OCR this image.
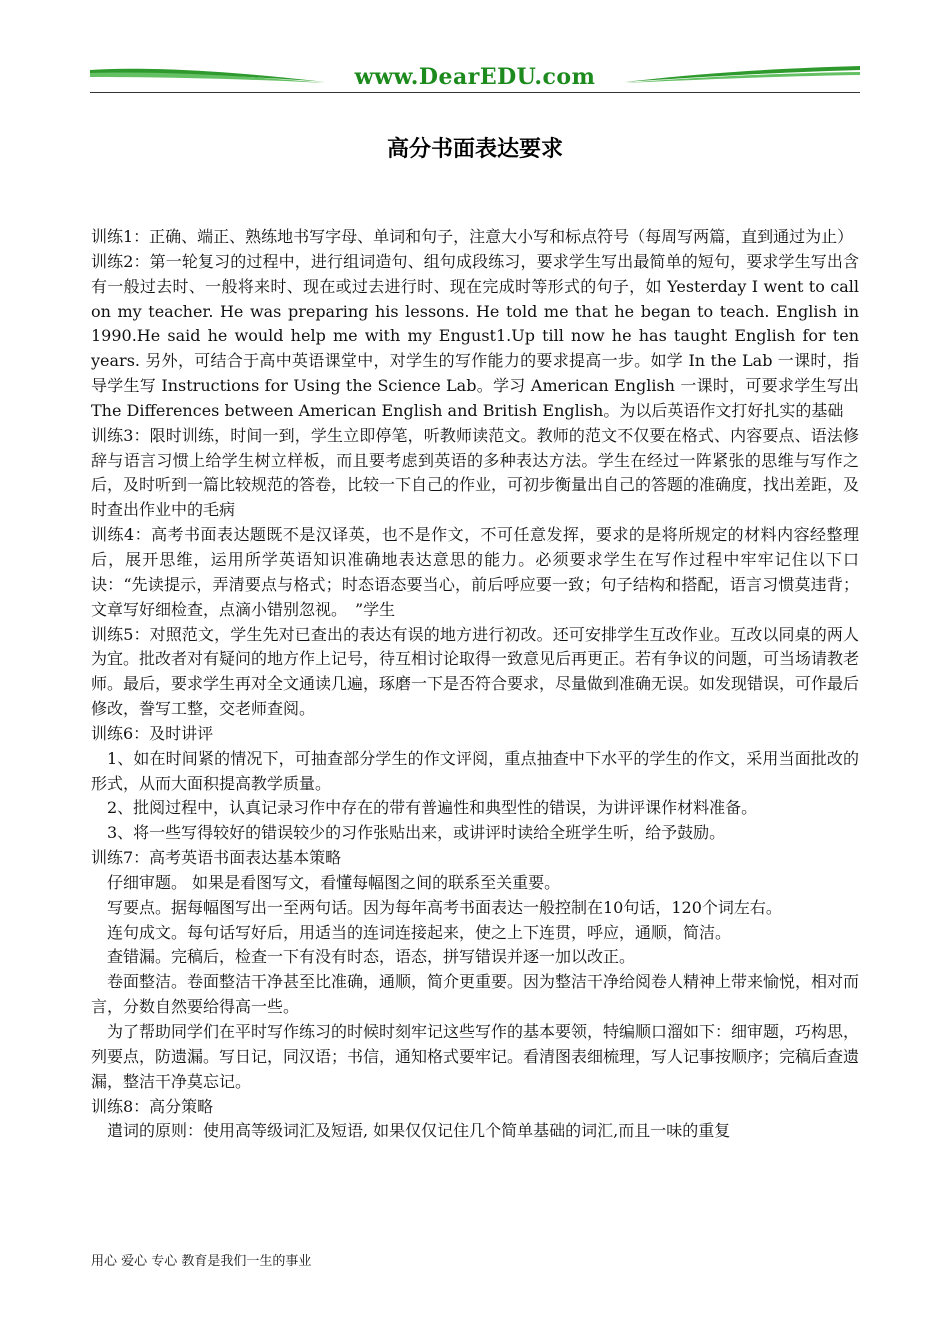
www.DearEDU.com
高分书面表达要求

训练1：正确、端正、熟练地书写字母、单词和句子，注意大小写和标点符号（每周写两篇，直到通过为止）

训练2：第一轮复习的过程中，进行组词造句、组句成段练习，要求学生写出最简单的短句，要求学生写出含有一般过去时、一般将来时、现在或过去进行时、现在完成时等形式的句子，如 Yesterday I went to call on my teacher. He was preparing his lessons. He told me that he began to teach. English in 1990.He said he would help me with my Engust1.Up till now he has taught English for ten years. 另外，可结合于高中英语课堂中，对学生的写作能力的要求提高一步。如学 In the Lab 一课时，指导学生写 Instructions for Using the Science Lab。学习 American English 一课时，可要求学生写出 The Differences between American English and British English。为以后英语作文打好扎实的基础

训练3：限时训练，时间一到，学生立即停笔，听教师读范文。教师的范文不仅要在格式、内容要点、语法修辞与语言习惯上给学生树立样板，而且要考虑到英语的多种表达方法。学生在经过一阵紧张的思维与写作之后，及时听到一篇比较规范的答卷，比较一下自己的作业，可初步衡量出自己的答题的准确度，找出差距，及时查出作业中的毛病

训练4：高考书面表达题既不是汉译英，也不是作文，不可任意发挥，要求的是将所规定的材料内容经整理后，展开思维，运用所学英语知识准确地表达意思的能力。必须要求学生在写作过程中牢牢记住以下口诀：“先读提示，弄清要点与格式；时态语态要当心，前后呼应要一致；句子结构和搭配，语言习惯莫违背；文章写好细检查，点滴小错别忽视。　”学生

训练5：对照范文，学生先对已查出的表达有误的地方进行初改。还可安排学生互改作业。互改以同桌的两人为宜。批改者对有疑问的地方作上记号，待互相讨论取得一致意见后再更正。若有争议的问题，可当场请教老师。最后，要求学生再对全文通读几遍，琢磨一下是否符合要求，尽量做到准确无误。如发现错误，可作最后修改，誊写工整，交老师查阅。

训练6：及时讲评

1、如在时间紧的情况下，可抽查部分学生的作文评阅，重点抽查中下水平的学生的作文，采用当面批改的形式，从而大面积提高教学质量。

2、批阅过程中，认真记录习作中存在的带有普遍性和典型性的错误，为讲评课作材料准备。

3、将一些写得较好的错误较少的习作张贴出来，或讲评时读给全班学生听，给予鼓励。

训练7：高考英语书面表达基本策略

仔细审题。 如果是看图写文，看懂每幅图之间的联系至关重要。

写要点。据每幅图写出一至两句话。因为每年高考书面表达一般控制在10句话，120个词左右。

连句成文。每句话写好后，用适当的连词连接起来，使之上下连贯，呼应，通顺，简洁。

查错漏。完稿后，检查一下有没有时态，语态，拼写错误并逐一加以改正。

卷面整洁。卷面整洁干净甚至比准确，通顺，简介更重要。因为整洁干净给阅卷人精神上带来愉悦，相对而言，分数自然要给得高一些。

为了帮助同学们在平时写作练习的时候时刻牢记这些写作的基本要领，特编顺口溜如下：细审题，巧构思，列要点，防遗漏。写日记，同汉语；书信，通知格式要牢记。看清图表细梳理，写人记事按顺序；完稿后查遗漏，整洁干净莫忘记。

训练8：高分策略

遣词的原则：使用高等级词汇及短语, 如果仅仅记住几个简单基础的词汇,而且一味的重复

用心 爱心 专心 教育是我们一生的事业
